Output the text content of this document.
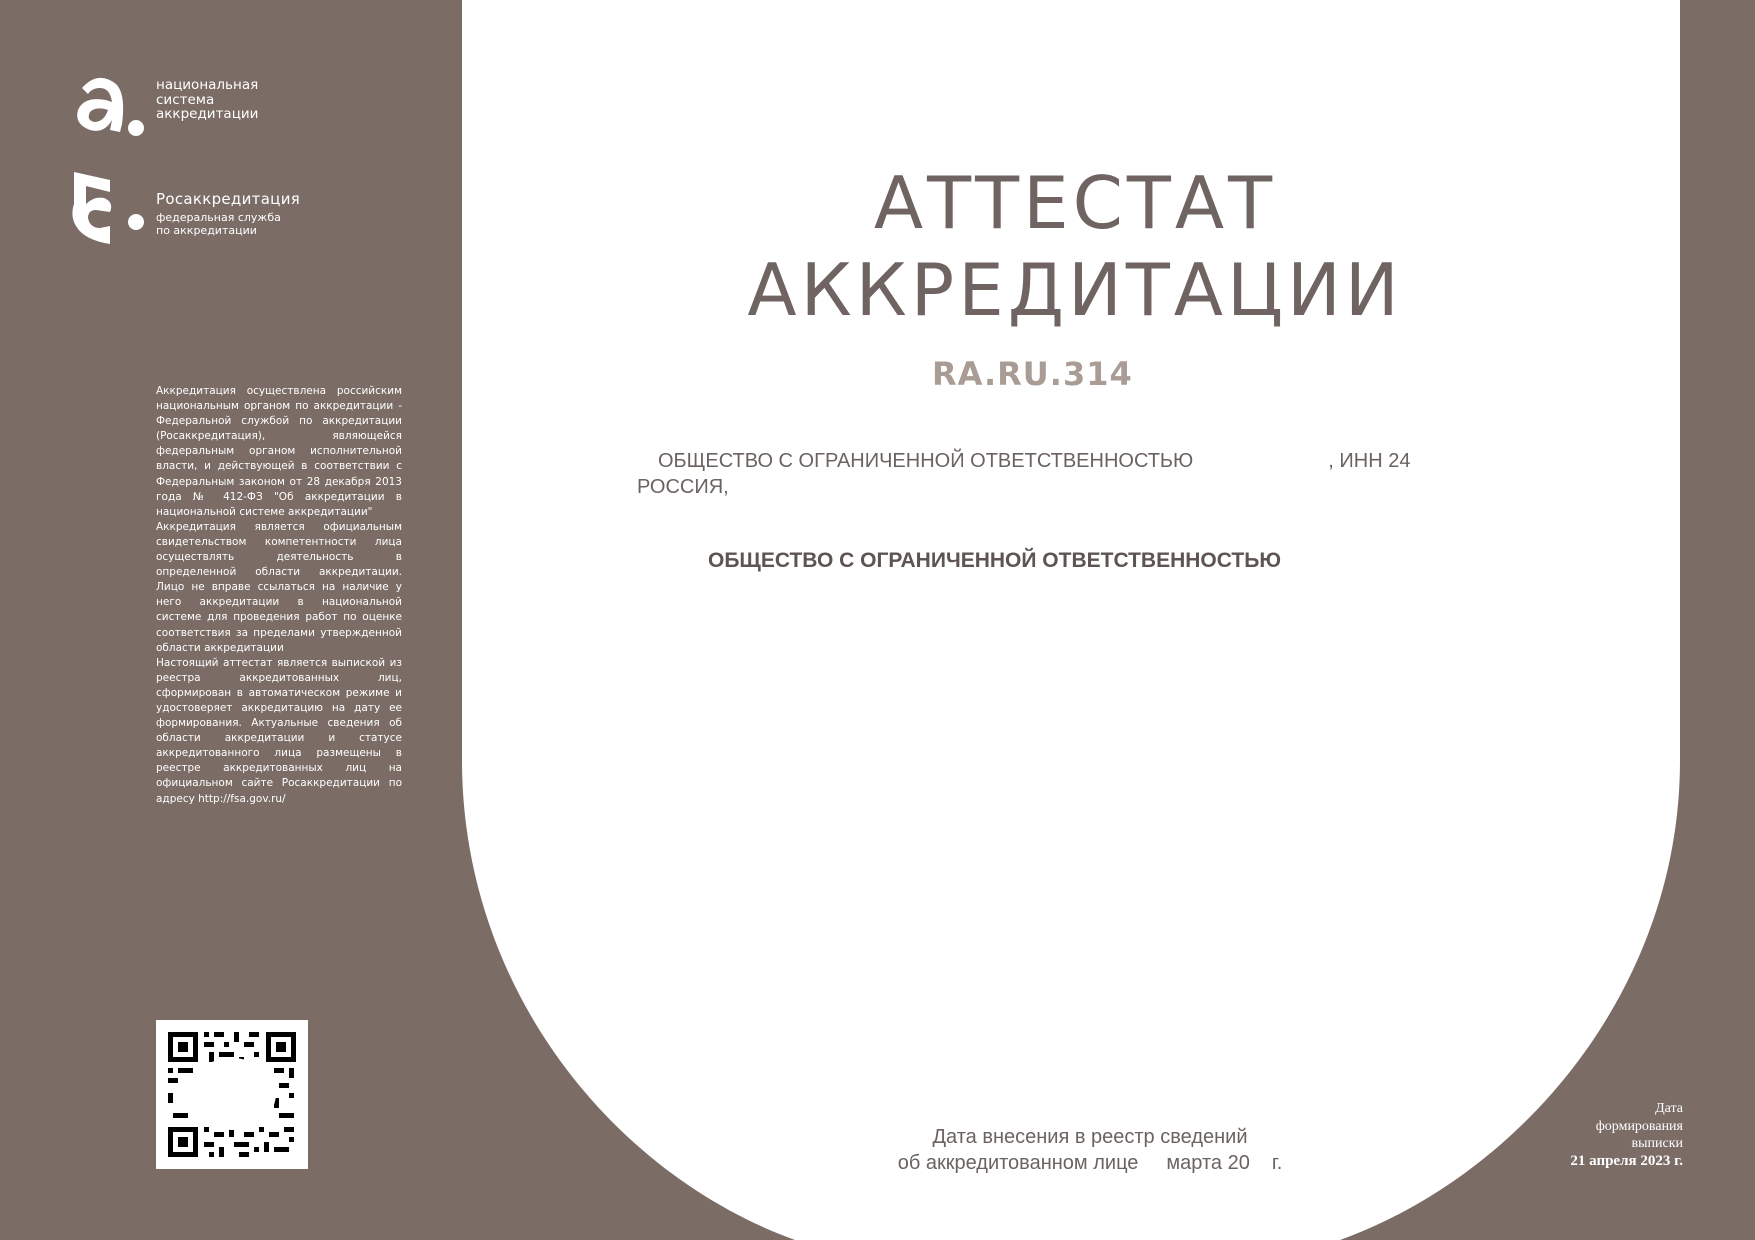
национальная
система
аккредитации
Росаккредитация
федеральная служба
по аккредитации

Аккредитация осуществлена российским национальным органом по аккредитации - Федеральной службой по аккредитации (Росаккредитация), являющейся федеральным органом исполнительной власти, и действующей в соответствии с Федеральным законом от 28 декабря 2013 года № 412-ФЗ "Об аккредитации в национальной системе аккредитации"

Аккредитация является официальным свидетельством компетентности лица осуществлять деятельность в определенной области аккредитации. Лицо не вправе ссылаться на наличие у него аккредитации в национальной системе для проведения работ по оценке соответствия за пределами утвержденной области аккредитации

Настоящий аттестат является выпиской из реестра аккредитованных лиц, сформирован в автоматическом режиме и удостоверяет аккредитацию на дату ее формирования. Актуальные сведения об области аккредитации и статусе аккредитованного лица размещены в реестре аккредитованных лиц на официальном сайте Росаккредитации по адресу http://fsa.gov.ru/

АТТЕСТАТ
АККРЕДИТАЦИИ
RA.RU.314
ОБЩЕСТВО С ОГРАНИЧЕННОЙ ОТВЕТСТВЕННОСТЬЮ	, ИНН 24
РОССИЯ,
ОБЩЕСТВО С ОГРАНИЧЕННОЙ ОТВЕТСТВЕННОСТЬЮ
Дата внесения в реестр сведений
об аккредитованном лице марта 20 г.
Дата
формирования
выписки
21 апреля 2023 г.
